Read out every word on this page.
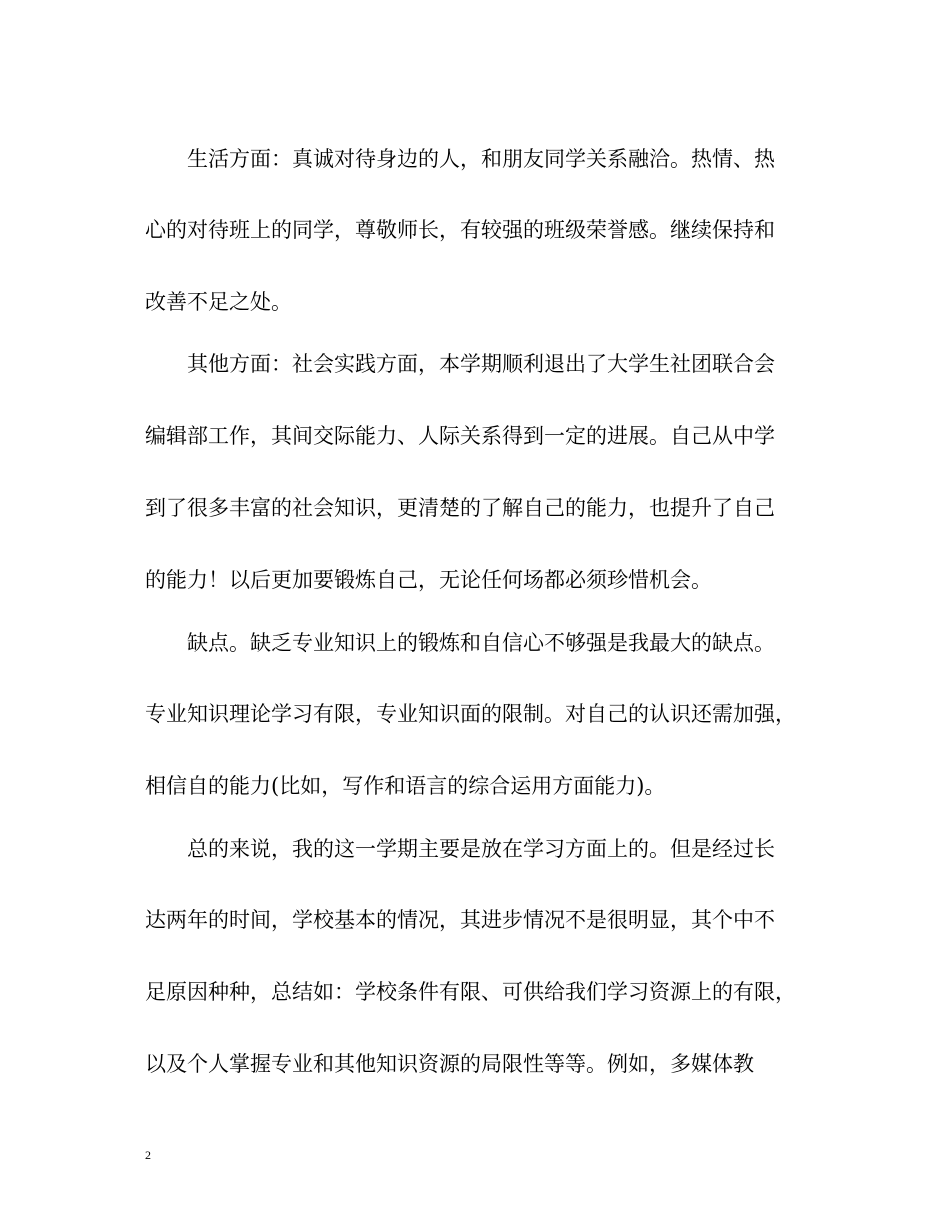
　　生活方面：真诚对待身边的人，和朋友同学关系融洽。热情、热
心的对待班上的同学，尊敬师长，有较强的班级荣誉感。继续保持和
改善不足之处。
　　其他方面：社会实践方面，本学期顺利退出了大学生社团联合会
编辑部工作，其间交际能力、人际关系得到一定的进展。自己从中学
到了很多丰富的社会知识，更清楚的了解自己的能力，也提升了自己
的能力！以后更加要锻炼自己，无论任何场都必须珍惜机会。
　　缺点。缺乏专业知识上的锻炼和自信心不够强是我最大的缺点。
专业知识理论学习有限，专业知识面的限制。对自己的认识还需加强，
相信自的能力(比如，写作和语言的综合运用方面能力)。
　　总的来说，我的这一学期主要是放在学习方面上的。但是经过长
达两年的时间，学校基本的情况，其进步情况不是很明显，其个中不
足原因种种，总结如：学校条件有限、可供给我们学习资源上的有限，
以及个人掌握专业和其他知识资源的局限性等等。例如，多媒体教
2
